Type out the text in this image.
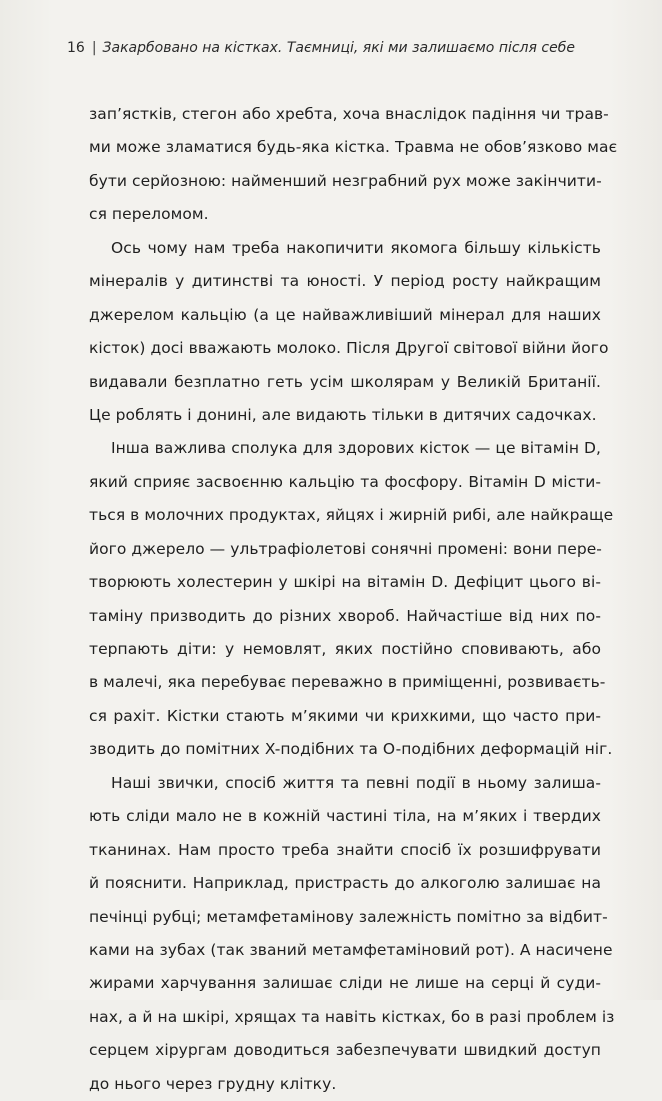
16 | Закарбовано на кістках. Таємниці, які ми залишаємо після себе
зап’ястків, стегон або хребта, хоча внаслідок падіння чи трав-
ми може зламатися будь-яка кістка. Травма не обов’язково має
бути серйозною: найменший незграбний рух може закінчити-
ся переломом.
Ось чому нам треба накопичити якомога більшу кількість
мінералів у дитинстві та юності. У період росту найкращим
джерелом кальцію (а це найважливіший мінерал для наших
кісток) досі вважають молоко. Після Другої світової війни його
видавали безплатно геть усім школярам у Великій Британії.
Це роблять і донині, але видають тільки в дитячих садочках.
Інша важлива сполука для здорових кісток — це вітамін D,
який сприяє засвоєнню кальцію та фосфору. Вітамін D місти-
ться в молочних продуктах, яйцях і жирній рибі, але найкраще
його джерело — ультрафіолетові сонячні промені: вони пере-
творюють холестерин у шкірі на вітамін D. Дефіцит цього ві-
таміну призводить до різних хвороб. Найчастіше від них по-
терпають діти: у немовлят, яких постійно сповивають, або
в малечі, яка перебуває переважно в приміщенні, розвиваєть-
ся рахіт. Кістки стають м’якими чи крихкими, що часто при-
зводить до помітних X-подібних та O-подібних деформацій ніг.
Наші звички, спосіб життя та певні події в ньому залиша-
ють сліди мало не в кожній частині тіла, на м’яких і твердих
тканинах. Нам просто треба знайти спосіб їх розшифрувати
й пояснити. Наприклад, пристрасть до алкоголю залишає на
печінці рубці; метамфетамінову залежність помітно за відбит-
ками на зубах (так званий метамфетаміновий рот). А насичене
жирами харчування залишає сліди не лише на серці й суди-
нах, а й на шкірі, хрящах та навіть кістках, бо в разі проблем із
серцем хірургам доводиться забезпечувати швидкий доступ
до нього через грудну клітку.
